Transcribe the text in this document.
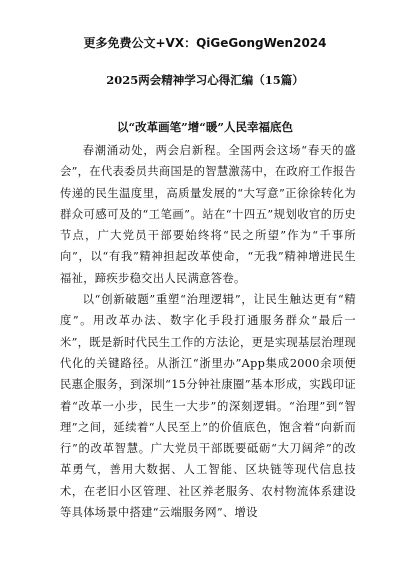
更多免费公文+VX：QiGeGongWen2024
2025两会精神学习心得汇编（15篇）
以“改革画笔”增“暖”人民幸福底色

春潮涌动处，两会启新程。全国两会这场“春天的盛会”，在代表委员共商国是的智慧激荡中，在政府工作报告传递的民生温度里，高质量发展的“大写意”正徐徐转化为群众可感可及的“工笔画”。站在“十四五”规划收官的历史节点，广大党员干部要始终将“民之所望”作为“千事所向”，以“有我”精神担起改革使命，“无我”精神增进民生福祉，蹄疾步稳交出人民满意答卷。

以“创新破题”重塑“治理逻辑”，让民生触达更有“精度”。用改革办法、数字化手段打通服务群众“最后一米”，既是新时代民生工作的方法论，更是实现基层治理现代化的关键路径。从浙江“浙里办”App集成2000余项便民惠企服务，到深圳“15分钟社康圈”基本形成，实践印证着“改革一小步，民生一大步”的深刻逻辑。“治理”到“智理”之间，延续着“人民至上”的价值底色，饱含着“向新而行”的改革智慧。广大党员干部既要砥砺“大刀阔斧”的改革勇气，善用大数据、人工智能、区块链等现代信息技术，在老旧小区管理、社区养老服务、农村物流体系建设等具体场景中搭建“云端服务网”、增设
